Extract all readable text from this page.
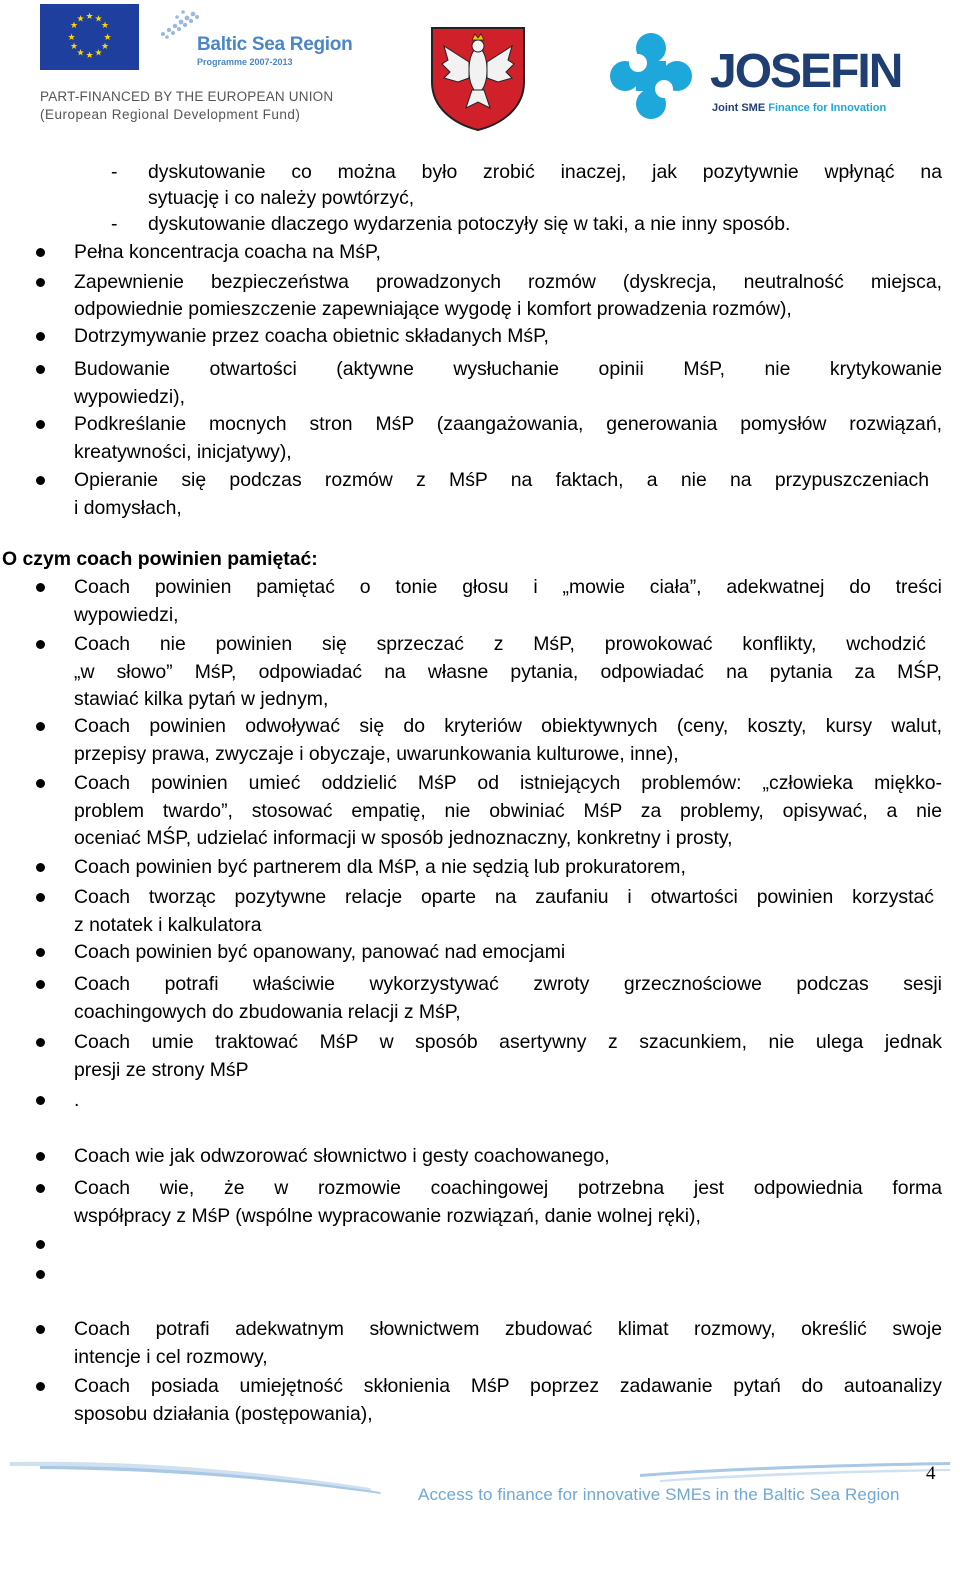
★ ★
★
★
★
★
★
★
★
★
★
★
Baltic Sea Region
Programme 2007-2013
PART-FINANCED BY THE EUROPEAN UNION
(European Regional Development Fund)
JOSEFIN
Joint SME Finance for Innovation
- dyskutowanie co można było zrobić inaczej, jak pozytywnie wpłynąć na
sytuację i co należy powtórzyć,
- dyskutowanie dlaczego wydarzenia potoczyły się w taki, a nie inny sposób.
Pełna koncentracja coacha na MśP,
Zapewnienie bezpieczeństwa prowadzonych rozmów (dyskrecja, neutralność miejsca,
odpowiednie pomieszczenie zapewniające wygodę i komfort prowadzenia rozmów),
Dotrzymywanie przez coacha obietnic składanych MśP,
Budowanie otwartości (aktywne wysłuchanie opinii MśP, nie krytykowanie
wypowiedzi),
Podkreślanie mocnych stron MśP (zaangażowania, generowania pomysłów rozwiązań,
kreatywności, inicjatywy),
Opieranie się podczas rozmów z MśP na faktach, a nie na przypuszczeniach
i domysłach,
O czym coach powinien pamiętać:
Coach powinien pamiętać o tonie głosu i „mowie ciała”, adekwatnej do treści
wypowiedzi,
Coach nie powinien się sprzeczać z MśP, prowokować konflikty, wchodzić
„w słowo” MśP, odpowiadać na własne pytania, odpowiadać na pytania za MŚP,
stawiać kilka pytań w jednym,
Coach powinien odwoływać się do kryteriów obiektywnych (ceny, koszty, kursy walut,
przepisy prawa, zwyczaje i obyczaje, uwarunkowania kulturowe, inne),
Coach powinien umieć oddzielić MśP od istniejących problemów: „człowieka miękko-
problem twardo”, stosować empatię, nie obwiniać MśP za problemy, opisywać, a nie
oceniać MŚP, udzielać informacji w sposób jednoznaczny, konkretny i prosty,
Coach powinien być partnerem dla MśP, a nie sędzią lub prokuratorem,
Coach tworząc pozytywne relacje oparte na zaufaniu i otwartości powinien korzystać
z notatek i kalkulatora
Coach powinien być opanowany, panować nad emocjami
Coach potrafi właściwie wykorzystywać zwroty grzecznościowe podczas sesji
coachingowych do zbudowania relacji z MśP,
Coach umie traktować MśP w sposób asertywny z szacunkiem, nie ulega jednak
presji ze strony MśP
.
Coach wie jak odwzorować słownictwo i gesty coachowanego,
Coach wie, że w rozmowie coachingowej potrzebna jest odpowiednia forma
współpracy z MśP (wspólne wypracowanie rozwiązań, danie wolnej ręki),
Coach potrafi adekwatnym słownictwem zbudować klimat rozmowy, określić swoje
intencje i cel rozmowy,
Coach posiada umiejętność skłonienia MśP poprzez zadawanie pytań do autoanalizy
sposobu działania (postępowania),
Access to finance for innovative SMEs in the Baltic Sea Region
4
